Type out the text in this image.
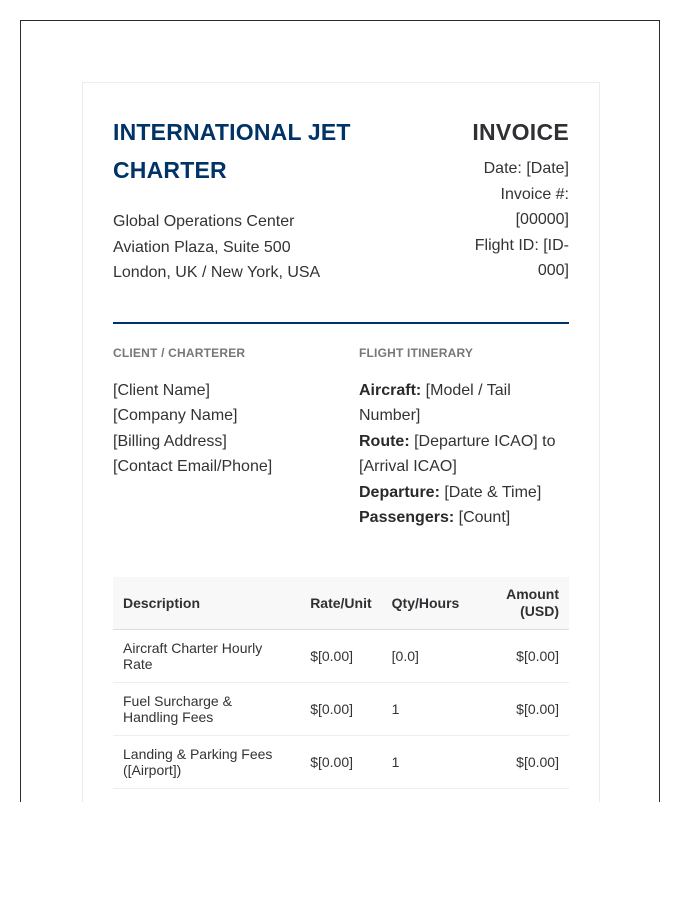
INTERNATIONAL JET
CHARTER
Global Operations Center
Aviation Plaza, Suite 500
London, UK / New York, USA
INVOICE
Date: [Date]
Invoice #:
[00000]
Flight ID: [ID-
000]
CLIENT / CHARTERER
[Client Name]
[Company Name]
[Billing Address]
[Contact Email/Phone]
FLIGHT ITINERARY
Aircraft: [Model / Tail Number]
Route: [Departure ICAO] to [Arrival ICAO]
Departure: [Date & Time]
Passengers: [Count]
Description	Rate/Unit	Qty/Hours	Amount
(USD)
Aircraft Charter Hourly Rate	$[0.00]	[0.0]	$[0.00]
Fuel Surcharge & Handling Fees	$[0.00]	1	$[0.00]
Landing & Parking Fees ([Airport])	$[0.00]	1	$[0.00]
